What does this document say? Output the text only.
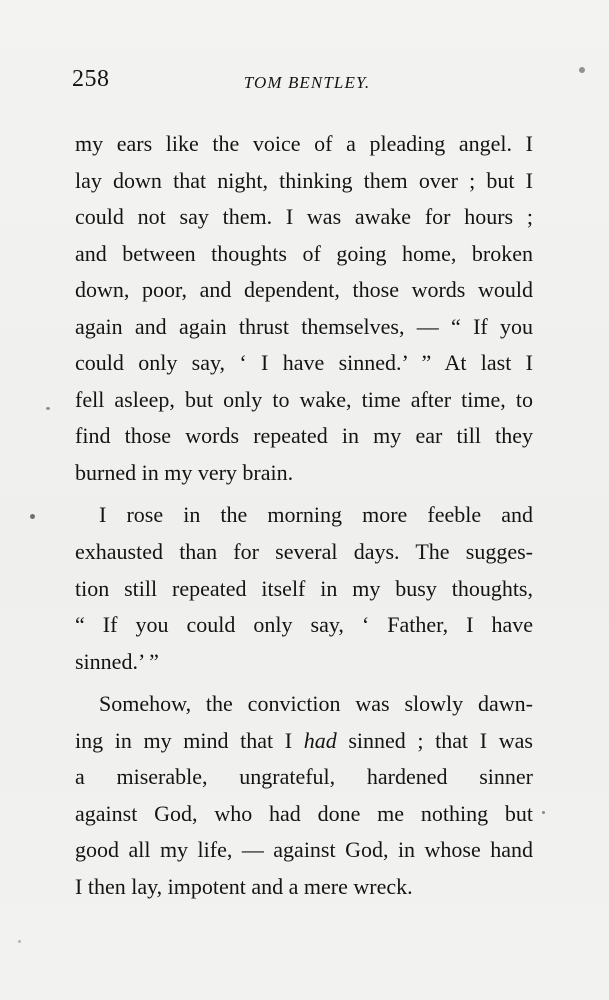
258	TOM BENTLEY.

my ears like the voice of a pleading angel. I
lay down that night, thinking them over ; but I
could not say them. I was awake for hours ;
and between thoughts of going home, broken
down, poor, and dependent, those words would
again and again thrust themselves, — “ If you
could only say, ‘ I have sinned.’ ” At last I
fell asleep, but only to wake, time after time, to
find those words repeated in my ear till they
burned in my very brain.

I rose in the morning more feeble and
exhausted than for several days. The sugges-
tion still repeated itself in my busy thoughts,
“ If you could only say, ‘ Father, I have
sinned.’ ”

Somehow, the conviction was slowly dawn-
ing in my mind that I had sinned ; that I was
a miserable, ungrateful, hardened sinner
against God, who had done me nothing but
good all my life, — against God, in whose hand
I then lay, impotent and a mere wreck.
